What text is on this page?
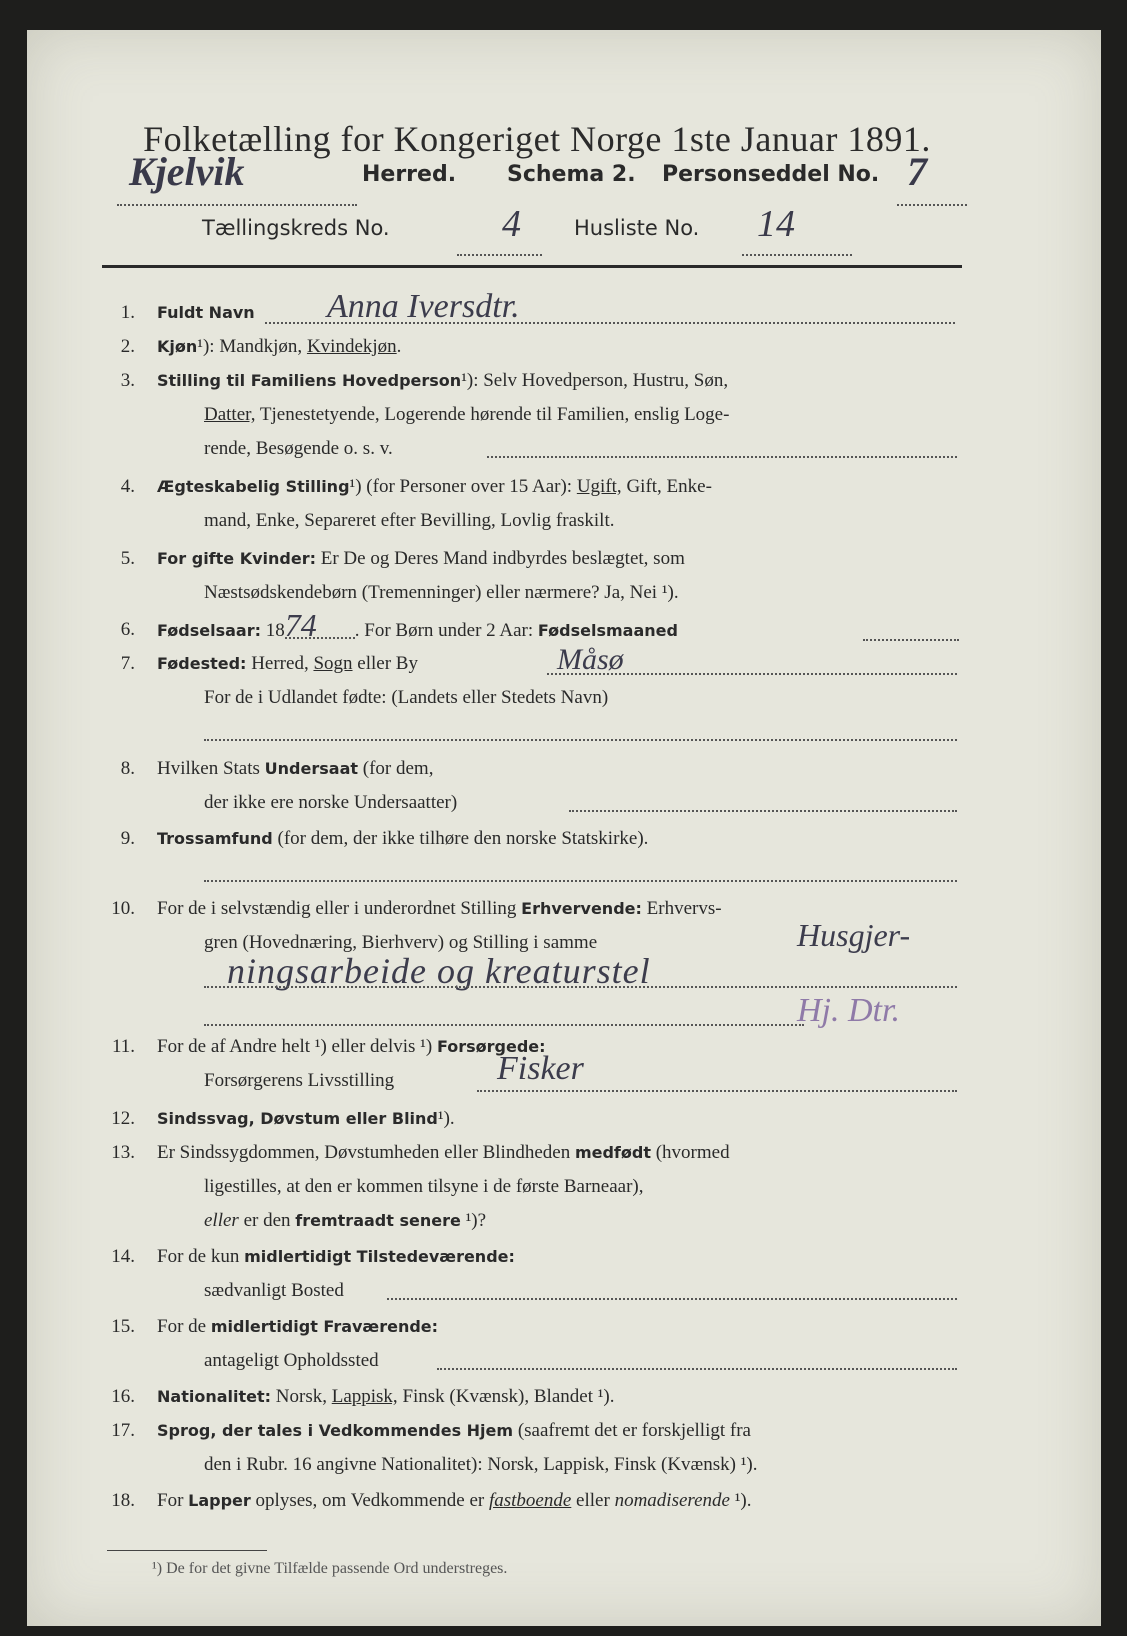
Folketælling for Kongeriget Norge 1ste Januar 1891.
Kjelvik	Herred. Schema 2. Personseddel No. 7
Tællingskreds No.	4	Husliste No. 14
1. Fuldt Navn	Anna Iversdtr.
2. Kjøn¹): Mandkjøn, Kvindekjøn.
3. Stilling til Familiens Hovedperson¹): Selv Hovedperson, Hustru, Søn,
Datter, Tjenestetyende, Logerende hørende til Familien, enslig Loge-
rende, Besøgende o. s. v.
4. Ægteskabelig Stilling¹) (for Personer over 15 Aar): Ugift, Gift, Enke-
mand, Enke, Separeret efter Bevilling, Lovlig fraskilt.
5. For gifte Kvinder: Er De og Deres Mand indbyrdes beslægtet, som
Næstsødskendebørn (Tremenninger) eller nærmere? Ja, Nei ¹).
6. Fødselsaar: 1874 . For Børn under 2 Aar: Fødselsmaaned
7. Fødested: Herred, Sogn eller By	Måsø
For de i Udlandet fødte: (Landets eller Stedets Navn)
8. Hvilken Stats Undersaat (for dem,
der ikke ere norske Undersaatter)
9. Trossamfund (for dem, der ikke tilhøre den norske Statskirke).
10. For de i selvstændig eller i underordnet Stilling Erhvervende: Erhvervs-
gren (Hovednæring, Bierhverv) og Stilling i samme	Husgjer-
ningsarbeide og kreaturstel
Hj. Dtr.
11. For de af Andre helt ¹) eller delvis ¹) Forsørgede:
Forsørgerens Livsstilling	Fisker
12. Sindssvag, Døvstum eller Blind¹).
13. Er Sindssygdommen, Døvstumheden eller Blindheden medfødt (hvormed
ligestilles, at den er kommen tilsyne i de første Barneaar),
eller er den fremtraadt senere ¹)?
14. For de kun midlertidigt Tilstedeværende:
sædvanligt Bosted
15. For de midlertidigt Fraværende:
antageligt Opholdssted
16. Nationalitet: Norsk, Lappisk, Finsk (Kvænsk), Blandet ¹).
17. Sprog, der tales i Vedkommendes Hjem (saafremt det er forskjelligt fra
den i Rubr. 16 angivne Nationalitet): Norsk, Lappisk, Finsk (Kvænsk) ¹).
18. For Lapper oplyses, om Vedkommende er fastboende eller nomadiserende ¹).
¹) De for det givne Tilfælde passende Ord understreges.
